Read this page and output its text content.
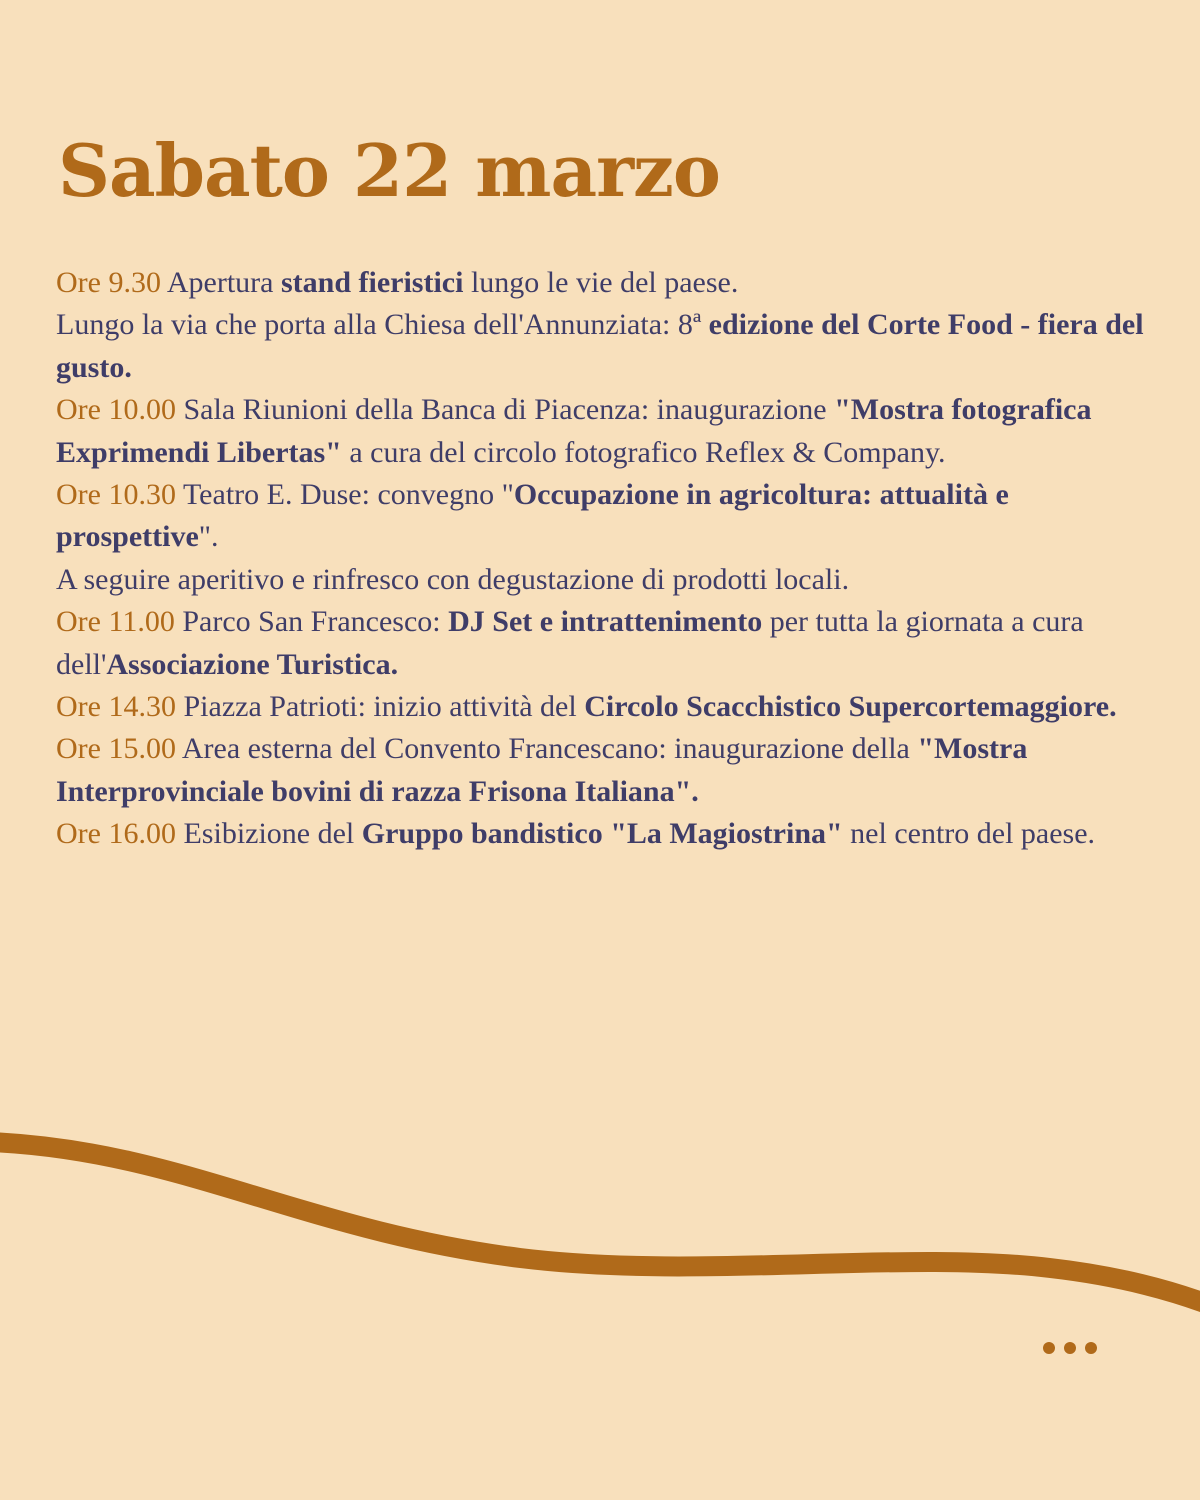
Sabato 22 marzo

Ore 9.30 Apertura stand fieristici lungo le vie del paese.

Lungo la via che porta alla Chiesa dell'Annunziata: 8ª edizione del Corte Food - fiera del gusto.

Ore 10.00 Sala Riunioni della Banca di Piacenza: inaugurazione "Mostra fotografica Exprimendi Libertas" a cura del circolo fotografico Reflex & Company.

Ore 10.30 Teatro E. Duse: convegno "Occupazione in agricoltura: attualità e prospettive".

A seguire aperitivo e rinfresco con degustazione di prodotti locali.

Ore 11.00 Parco San Francesco: DJ Set e intrattenimento per tutta la giornata a cura dell'Associazione Turistica.

Ore 14.30 Piazza Patrioti: inizio attività del Circolo Scacchistico Supercortemaggiore.

Ore 15.00 Area esterna del Convento Francescano: inaugurazione della "Mostra Interprovinciale bovini di razza Frisona Italiana".

Ore 16.00 Esibizione del Gruppo bandistico "La Magiostrina" nel centro del paese.
